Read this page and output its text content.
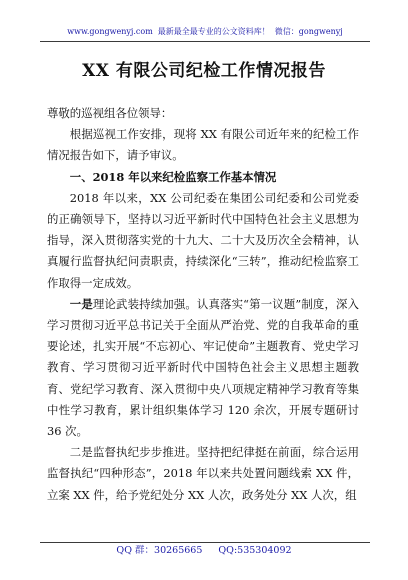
www.gongwenyj.com 最新最全最专业的公文资料库！ 微信：gongwenyj
XX 有限公司纪检工作情况报告

尊敬的巡视组各位领导：

根据巡视工作安排，现将 XX 有限公司近年来的纪检工作情况报告如下，请予审议。

一、2018 年以来纪检监察工作基本情况

2018 年以来，XX 公司纪委在集团公司纪委和公司党委的正确领导下，坚持以习近平新时代中国特色社会主义思想为指导，深入贯彻落实党的十九大、二十大及历次全会精神，认真履行监督执纪问责职责，持续深化“三转”，推动纪检监察工作取得一定成效。

一是理论武装持续加强。认真落实“第一议题”制度，深入学习贯彻习近平总书记关于全面从严治党、党的自我革命的重要论述，扎实开展“不忘初心、牢记使命”主题教育、党史学习教育、学习贯彻习近平新时代中国特色社会主义思想主题教育、党纪学习教育、深入贯彻中央八项规定精神学习教育等集中性学习教育，累计组织集体学习 120 余次，开展专题研讨 36 次。

二是监督执纪步步推进。坚持把纪律挺在前面，综合运用监督执纪“四种形态”，2018 年以来共处置问题线索 XX 件，立案 XX 件，给予党纪处分 XX 人次，政务处分 XX 人次，组

QQ 群：30265665 QQ:535304092
